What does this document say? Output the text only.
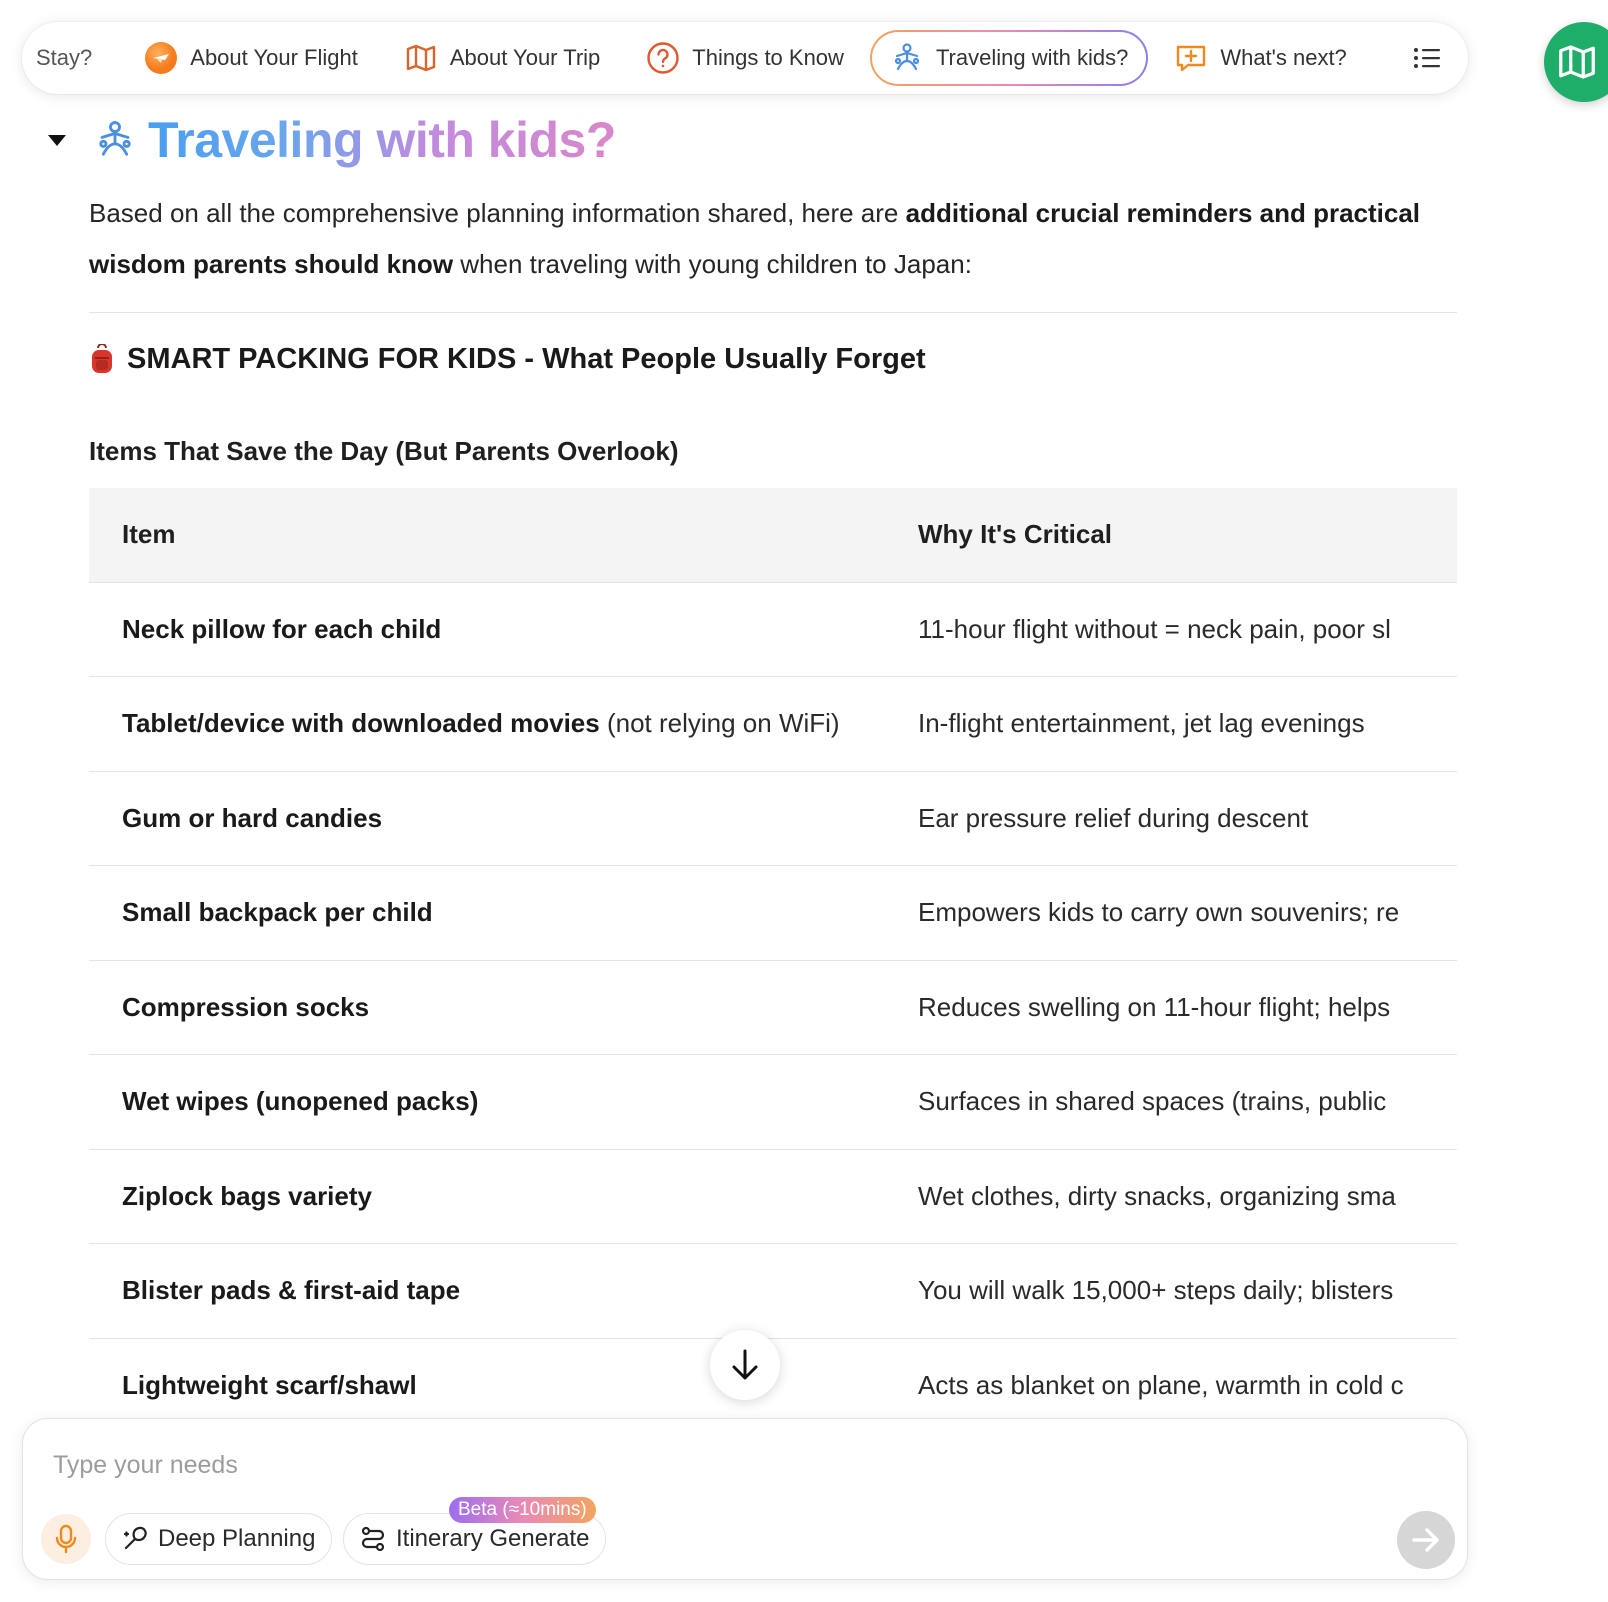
Stay?	About Your Flight	About Your Trip	Things to Know	Traveling with kids?	What's next?
Traveling with kids?

Based on all the comprehensive planning information shared, here are additional crucial reminders and practical wisdom parents should know when traveling with young children to Japan:

SMART PACKING FOR KIDS - What People Usually Forget
Items That Save the Day (But Parents Overlook)
Item	Why It's Critical
Neck pillow for each child	11-hour flight without = neck pain, poor sl
Tablet/device with downloaded movies (not relying on WiFi)	In-flight entertainment, jet lag evenings
Gum or hard candies	Ear pressure relief during descent
Small backpack per child	Empowers kids to carry own souvenirs; re
Compression socks	Reduces swelling on 11-hour flight; helps
Wet wipes (unopened packs)	Surfaces in shared spaces (trains, public
Ziplock bags variety	Wet clothes, dirty snacks, organizing sma
Blister pads & first-aid tape	You will walk 15,000+ steps daily; blisters
Lightweight scarf/shawl	Acts as blanket on plane, warmth in cold c
Type your needs
Deep Planning	Itinerary Generate
Beta (≈10mins)
